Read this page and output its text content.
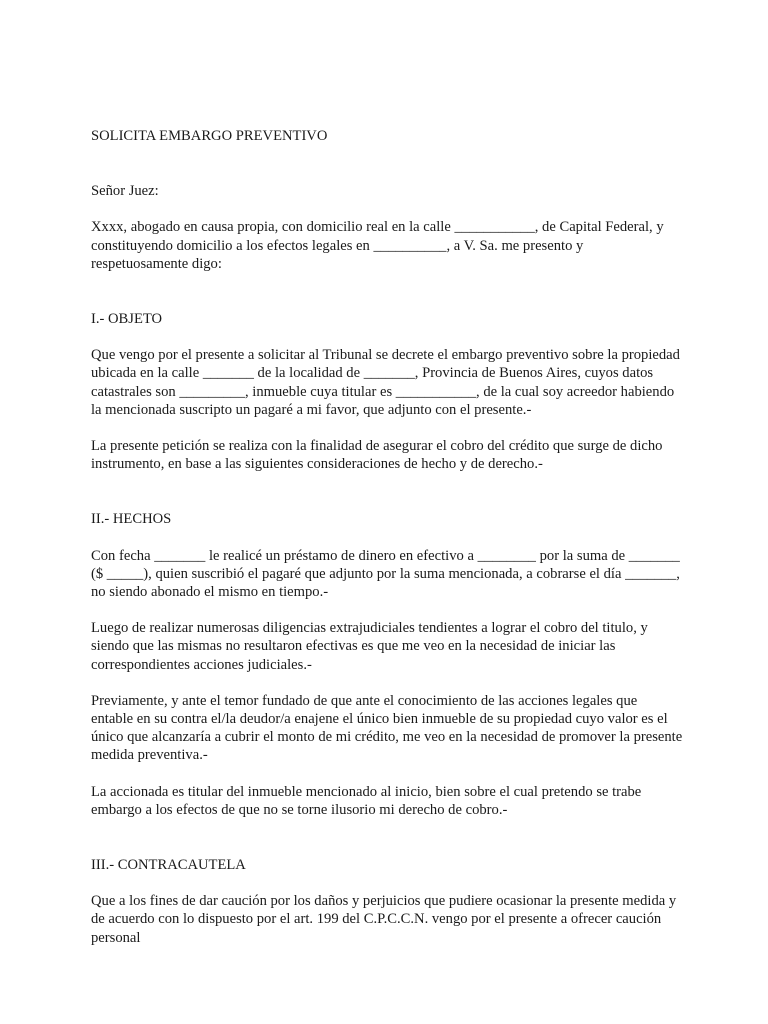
SOLICITA EMBARGO PREVENTIVO
Señor Juez:

Xxxx, abogado en causa propia, con domicilio real en la calle ___________, de Capital Federal, y constituyendo domicilio a los efectos legales en __________, a V. Sa. me presento y respetuosamente digo:

I.- OBJETO

Que vengo por el presente a solicitar al Tribunal se decrete el embargo preventivo sobre la propiedad ubicada en la calle _______ de la localidad de _______, Provincia de Buenos Aires, cuyos datos catastrales son _________, inmueble cuya titular es ___________, de la cual soy acreedor habiendo la mencionada suscripto un pagaré a mi favor, que adjunto con el presente.-

La presente petición se realiza con la finalidad de asegurar el cobro del crédito que surge de dicho instrumento, en base a las siguientes consideraciones de hecho y de derecho.-

II.- HECHOS

Con fecha _______ le realicé un préstamo de dinero en efectivo a ________ por la suma de _______ ($ _____), quien suscribió el pagaré que adjunto por la suma mencionada, a cobrarse el día _______, no siendo abonado el mismo en tiempo.-

Luego de realizar numerosas diligencias extrajudiciales tendientes a lograr el cobro del titulo, y siendo que las mismas no resultaron efectivas es que me veo en la necesidad de iniciar las correspondientes acciones judiciales.-

Previamente, y ante el temor fundado de que ante el conocimiento de las acciones legales que entable en su contra el/la deudor/a enajene el único bien inmueble de su propiedad cuyo valor es el único que alcanzaría a cubrir el monto de mi crédito, me veo en la necesidad de promover la presente medida preventiva.-

La accionada es titular del inmueble mencionado al inicio, bien sobre el cual pretendo se trabe embargo a los efectos de que no se torne ilusorio mi derecho de cobro.-

III.- CONTRACAUTELA

Que a los fines de dar caución por los daños y perjuicios que pudiere ocasionar la presente medida y de acuerdo con lo dispuesto por el art. 199 del C.P.C.C.N. vengo por el presente a ofrecer caución personal
